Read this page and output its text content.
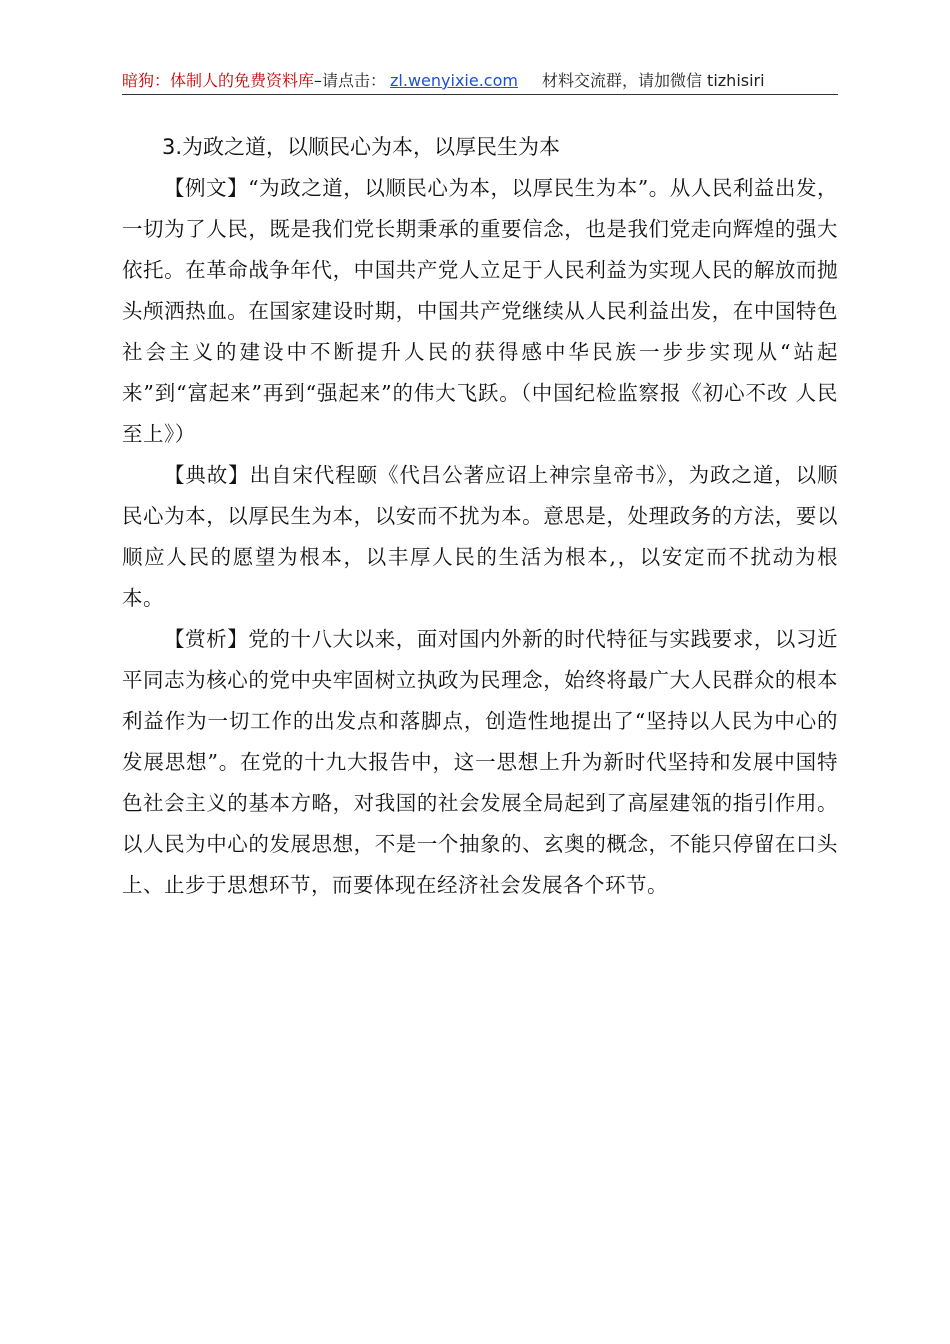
暗狗：体制人的免费资料库–请点击： zl.wenyixie.com 材料交流群，请加微信 tizhisiri

3.为政之道，以顺民心为本，以厚民生为本

【例文】“为政之道，以顺民心为本，以厚民生为本”。从人民利益出发，一切为了人民，既是我们党长期秉承的重要信念，也是我们党走向辉煌的强大依托。在革命战争年代，中国共产党人立足于人民利益为实现人民的解放而抛头颅洒热血。在国家建设时期，中国共产党继续从人民利益出发，在中国特色社会主义的建设中不断提升人民的获得感中华民族一步步实现从“站起来”到“富起来”再到“强起来”的伟大飞跃。（中国纪检监察报《初心不改 人民至上》）

【典故】出自宋代程颐《代吕公著应诏上神宗皇帝书》，为政之道，以顺民心为本，以厚民生为本，以安而不扰为本。意思是，处理政务的方法，要以顺应人民的愿望为根本，以丰厚人民的生活为根本,，以安定而不扰动为根本。

【赏析】党的十八大以来，面对国内外新的时代特征与实践要求，以习近平同志为核心的党中央牢固树立执政为民理念，始终将最广大人民群众的根本利益作为一切工作的出发点和落脚点，创造性地提出了“坚持以人民为中心的发展思想”。在党的十九大报告中，这一思想上升为新时代坚持和发展中国特色社会主义的基本方略，对我国的社会发展全局起到了高屋建瓴的指引作用。以人民为中心的发展思想，不是一个抽象的、玄奥的概念，不能只停留在口头上、止步于思想环节，而要体现在经济社会发展各个环节。
